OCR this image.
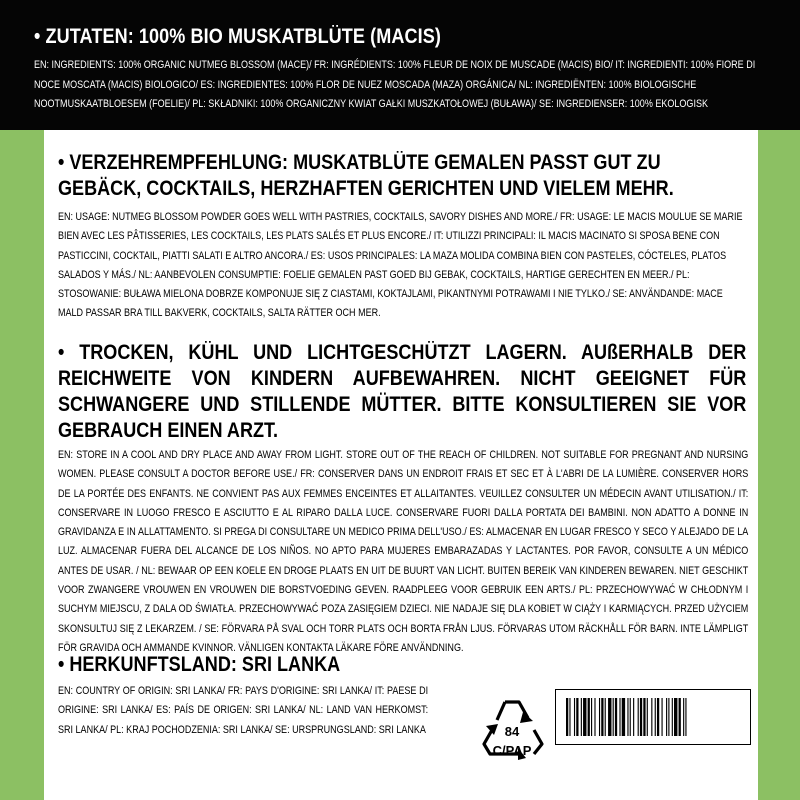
• ZUTATEN: 100% BIO MUSKATBLÜTE (MACIS)
EN: INGREDIENTS: 100% ORGANIC NUTMEG BLOSSOM (MACE)/ FR: INGRÉDIENTS: 100% FLEUR DE NOIX DE MUSCADE (MACIS) BIO/ IT: INGREDIENTI: 100% FIORE DI NOCE MOSCATA (MACIS) BIOLOGICO/ ES: INGREDIENTES: 100% FLOR DE NUEZ MOSCADA (MAZA) ORGÁNICA/ NL: INGREDIËNTEN: 100% BIOLOGISCHE NOOTMUSKAATBLOESEM (FOELIE)/ PL: SKŁADNIKI: 100% ORGANICZNY KWIAT GAŁKI MUSZKATOŁOWEJ (BUŁAWA)/ SE: INGREDIENSER: 100% EKOLOGISK
• VERZEHREMPFEHLUNG: MUSKATBLÜTE GEMALEN PASST GUT ZU GEBÄCK, COCKTAILS, HERZHAFTEN GERICHTEN UND VIELEM MEHR.
EN: USAGE: NUTMEG BLOSSOM POWDER GOES WELL WITH PASTRIES, COCKTAILS, SAVORY DISHES AND MORE./ FR: USAGE: LE MACIS MOULUE SE MARIE BIEN AVEC LES PÂTISSERIES, LES COCKTAILS, LES PLATS SALÉS ET PLUS ENCORE./ IT: UTILIZZI PRINCIPALI: IL MACIS MACINATO SI SPOSA BENE CON PASTICCINI, COCKTAIL, PIATTI SALATI E ALTRO ANCORA./ ES: USOS PRINCIPALES: LA MAZA MOLIDA COMBINA BIEN CON PASTELES, CÓCTELES, PLATOS SALADOS Y MÁS./ NL: AANBEVOLEN CONSUMPTIE: FOELIE GEMALEN PAST GOED BIJ GEBAK, COCKTAILS, HARTIGE GERECHTEN EN MEER./ PL: STOSOWANIE: BUŁAWA MIELONA DOBRZE KOMPONUJE SIĘ Z CIASTAMI, KOKTAJLAMI, PIKANTNYMI POTRAWAMI I NIE TYLKO./ SE: ANVÄNDANDE: MACE MALD PASSAR BRA TILL BAKVERK, COCKTAILS, SALTA RÄTTER OCH MER.
• TROCKEN, KÜHL UND LICHTGESCHÜTZT LAGERN. AUßERHALB DER REICHWEITE VON KINDERN AUFBEWAHREN. NICHT GEEIGNET FÜR SCHWANGERE UND STILLENDE MÜTTER. BITTE KONSULTIEREN SIE VOR GEBRAUCH EINEN ARZT.
EN: STORE IN A COOL AND DRY PLACE AND AWAY FROM LIGHT. STORE OUT OF THE REACH OF CHILDREN. NOT SUITABLE FOR PREGNANT AND NURSING WOMEN. PLEASE CONSULT A DOCTOR BEFORE USE./ FR: CONSERVER DANS UN ENDROIT FRAIS ET SEC ET À L'ABRI DE LA LUMIÈRE. CONSERVER HORS DE LA PORTÉE DES ENFANTS. NE CONVIENT PAS AUX FEMMES ENCEINTES ET ALLAITANTES. VEUILLEZ CONSULTER UN MÉDECIN AVANT UTILISATION./ IT: CONSERVARE IN LUOGO FRESCO E ASCIUTTO E AL RIPARO DALLA LUCE. CONSERVARE FUORI DALLA PORTATA DEI BAMBINI. NON ADATTO A DONNE IN GRAVIDANZA E IN ALLATTAMENTO. SI PREGA DI CONSULTARE UN MEDICO PRIMA DELL'USO./ ES: ALMACENAR EN LUGAR FRESCO Y SECO Y ALEJADO DE LA LUZ. ALMACENAR FUERA DEL ALCANCE DE LOS NIÑOS. NO APTO PARA MUJERES EMBARAZADAS Y LACTANTES. POR FAVOR, CONSULTE A UN MÉDICO ANTES DE USAR. / NL: BEWAAR OP EEN KOELE EN DROGE PLAATS EN UIT DE BUURT VAN LICHT. BUITEN BEREIK VAN KINDEREN BEWAREN. NIET GESCHIKT VOOR ZWANGERE VROUWEN EN VROUWEN DIE BORSTVOEDING GEVEN. RAADPLEEG VOOR GEBRUIK EEN ARTS./ PL: PRZECHOWYWAĆ W CHŁODNYM I SUCHYM MIEJSCU, Z DALA OD ŚWIATŁA. PRZECHOWYWAĆ POZA ZASIĘGIEM DZIECI. NIE NADAJE SIĘ DLA KOBIET W CIĄŻY I KARMIĄCYCH. PRZED UŻYCIEM SKONSULTUJ SIĘ Z LEKARZEM. / SE: FÖRVARA PÅ SVAL OCH TORR PLATS OCH BORTA FRÅN LJUS. FÖRVARAS UTOM RÄCKHÅLL FÖR BARN. INTE LÄMPLIGT FÖR GRAVIDA OCH AMMANDE KVINNOR. VÄNLIGEN KONTAKTA LÄKARE FÖRE ANVÄNDNING.
• HERKUNFTSLAND: SRI LANKA
EN: COUNTRY OF ORIGIN: SRI LANKA/ FR: PAYS D'ORIGINE: SRI LANKA/ IT: PAESE DI ORIGINE: SRI LANKA/ ES: PAÍS DE ORIGEN: SRI LANKA/ NL: LAND VAN HERKOMST: SRI LANKA/ PL: KRAJ POCHODZENIA: SRI LANKA/ SE: URSPRUNGSLAND: SRI LANKA	84
C/PAP
